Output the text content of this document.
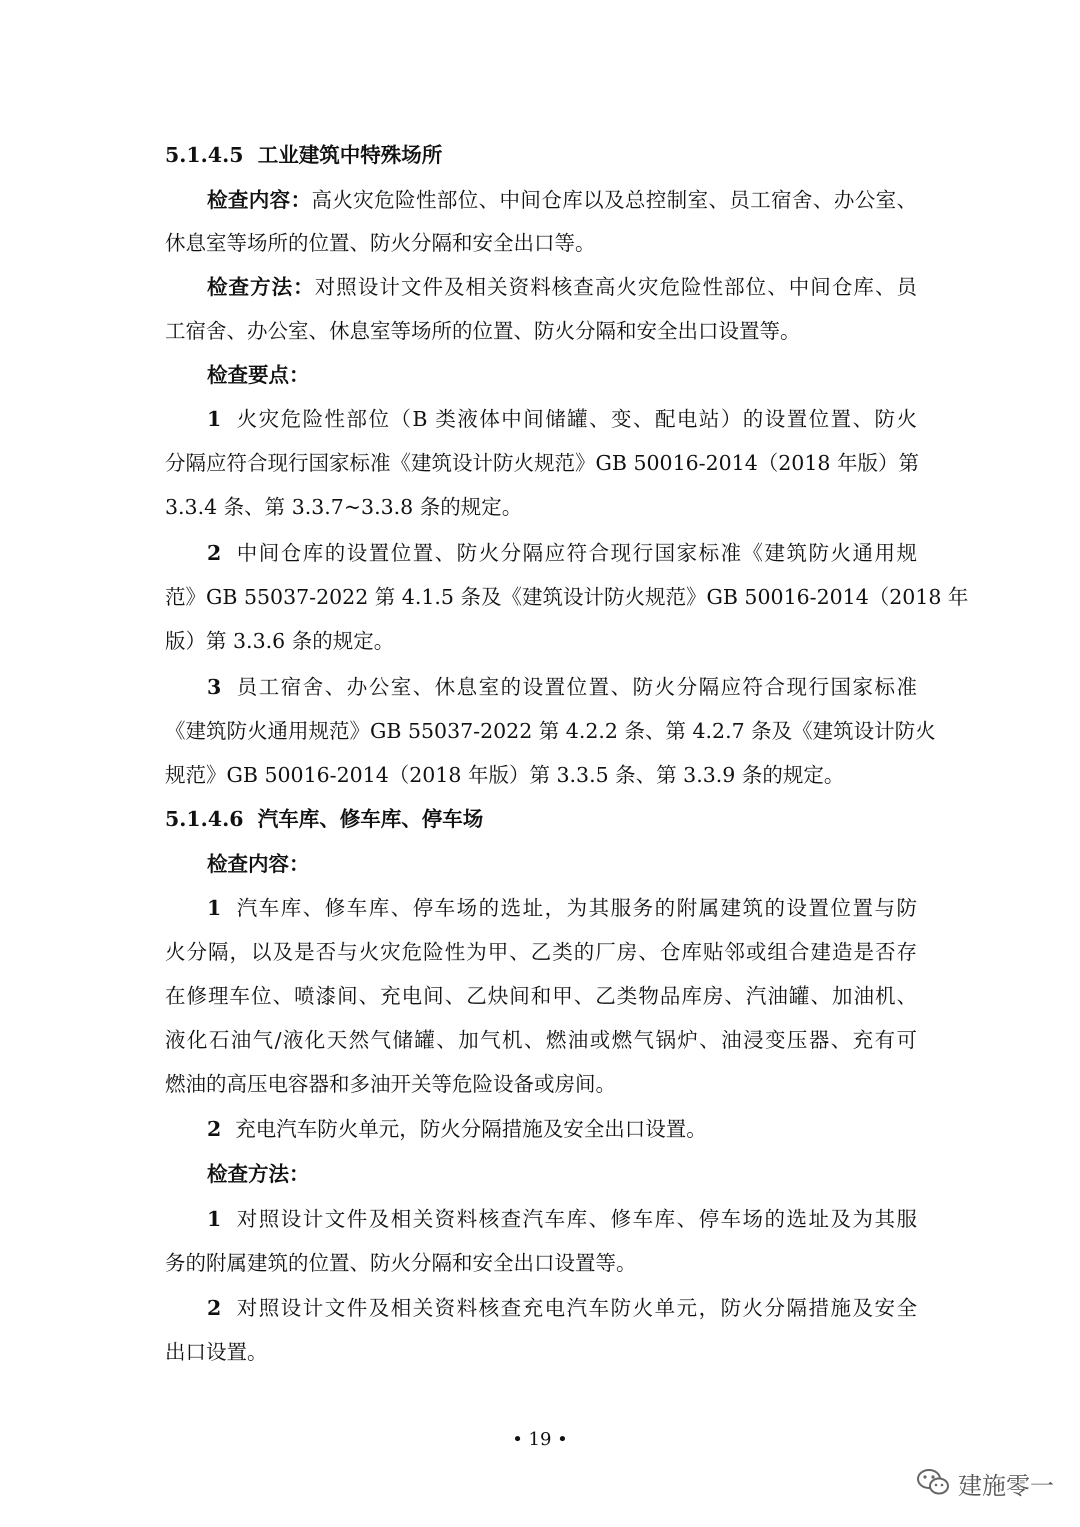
5.1.4.5 工业建筑中特殊场所
检查内容：高火灾危险性部位、中间仓库以及总控制室、员工宿舍、办公室、
休息室等场所的位置、防火分隔和安全出口等。
检查方法：对照设计文件及相关资料核查高火灾危险性部位、中间仓库、员
工宿舍、办公室、休息室等场所的位置、防火分隔和安全出口设置等。
检查要点：
1 火灾危险性部位（B 类液体中间储罐、变、配电站）的设置位置、防火
分隔应符合现行国家标准《建筑设计防火规范》GB 50016-2014（2018 年版）第
3.3.4 条、第 3.3.7~3.3.8 条的规定。
2 中间仓库的设置位置、防火分隔应符合现行国家标准《建筑防火通用规
范》GB 55037-2022 第 4.1.5 条及《建筑设计防火规范》GB 50016-2014（2018 年
版）第 3.3.6 条的规定。
3 员工宿舍、办公室、休息室的设置位置、防火分隔应符合现行国家标准
《建筑防火通用规范》GB 55037-2022 第 4.2.2 条、第 4.2.7 条及《建筑设计防火
规范》GB 50016-2014（2018 年版）第 3.3.5 条、第 3.3.9 条的规定。
5.1.4.6 汽车库、修车库、停车场
检查内容：
1 汽车库、修车库、停车场的选址，为其服务的附属建筑的设置位置与防
火分隔，以及是否与火灾危险性为甲、乙类的厂房、仓库贴邻或组合建造是否存
在修理车位、喷漆间、充电间、乙炔间和甲、乙类物品库房、汽油罐、加油机、
液化石油气/液化天然气储罐、加气机、燃油或燃气锅炉、油浸变压器、充有可
燃油的高压电容器和多油开关等危险设备或房间。
2 充电汽车防火单元，防火分隔措施及安全出口设置。
检查方法：
1 对照设计文件及相关资料核查汽车库、修车库、停车场的选址及为其服
务的附属建筑的位置、防火分隔和安全出口设置等。
2 对照设计文件及相关资料核查充电汽车防火单元，防火分隔措施及安全
出口设置。
• 19 •
建施零一
